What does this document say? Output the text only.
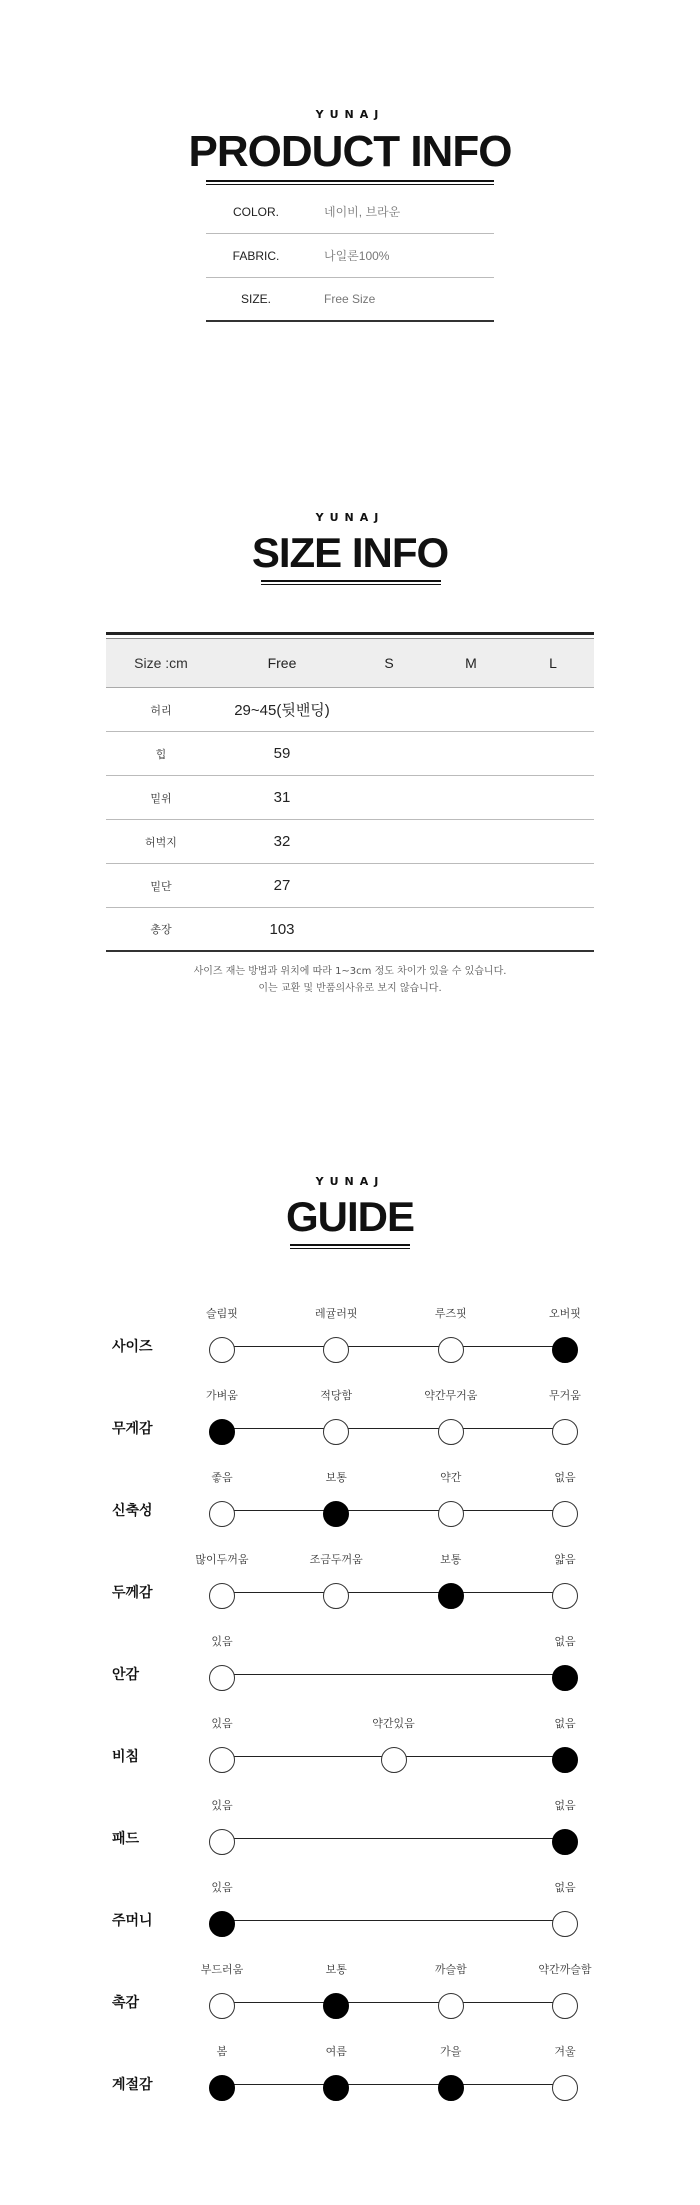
YUNAJ
PRODUCT INFO
COLOR.	네이비, 브라운
FABRIC.	나일론100%
SIZE.	Free Size
YUNAJ
SIZE INFO
Size :cm	Free	S	M	L
허리	29~45(뒷밴딩)
힙	59
밑위	31
허벅지	32
밑단	27
총장	103
사이즈 재는 방법과 위치에 따라 1~3cm 정도 차이가 있을 수 있습니다.
이는 교환 및 반품의사유로 보지 않습니다.
YUNAJ
GUIDE
사이즈
슬림핏	레귤러핏	루즈핏	오버핏
무게감
가벼움	적당함	약간무거움	무거움
신축성
좋음	보통	약간	없음
두께감
많이두꺼움	조금두꺼움	보통	얇음
안감
있음	없음
비침
있음	약간있음	없음
패드
있음	없음
주머니
있음	없음
촉감
부드러움	보통	까슬함	약간까슬함
계절감
봄	여름	가을	겨울
